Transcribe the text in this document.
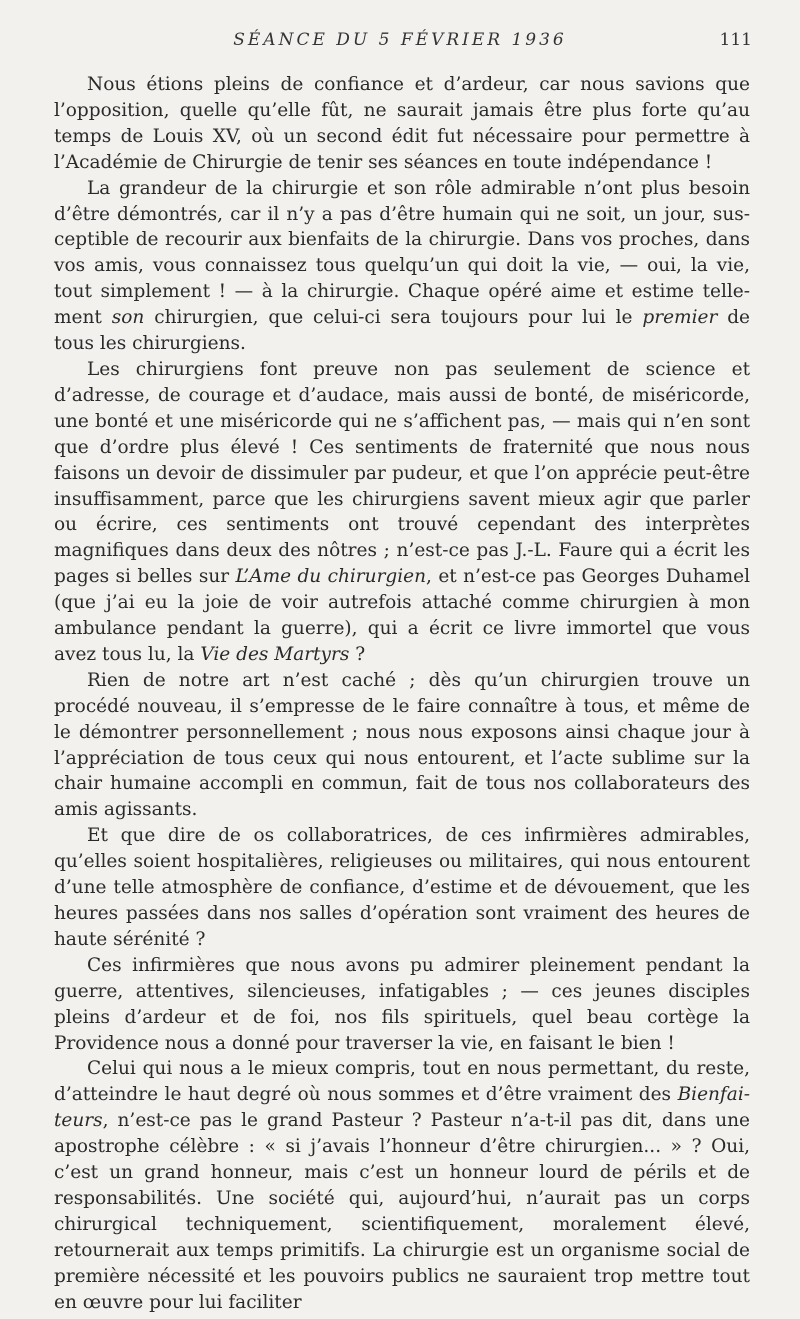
SÉANCE DU 5 FÉVRIER 1936	111

Nous étions pleins de confiance et d’ardeur, car nous savions que l’opposition, quelle qu’elle fût, ne saurait jamais être plus forte qu’au temps de Louis XV, où un second édit fut nécessaire pour permettre à l’Académie de Chirurgie de tenir ses séances en toute indépendance !

La grandeur de la chirurgie et son rôle admirable n’ont plus besoin d’être démontrés, car il n’y a pas d’être humain qui ne soit, un jour, susceptible de recourir aux bienfaits de la chirurgie. Dans vos proches, dans vos amis, vous connaissez tous quelqu’un qui doit la vie, — oui, la vie, tout simplement ! — à la chirurgie. Chaque opéré aime et estime tellement son chirurgien, que celui-ci sera toujours pour lui le premier de tous les chirurgiens.

Les chirurgiens font preuve non pas seulement de science et d’adresse, de courage et d’audace, mais aussi de bonté, de miséricorde, une bonté et une miséricorde qui ne s’affichent pas, — mais qui n’en sont que d’ordre plus élevé ! Ces sentiments de fraternité que nous nous faisons un devoir de dissimuler par pudeur, et que l’on apprécie peut-être insuffisamment, parce que les chirurgiens savent mieux agir que parler ou écrire, ces sentiments ont trouvé cependant des interprètes magnifiques dans deux des nôtres ; n’est-ce pas J.-L. Faure qui a écrit les pages si belles sur L’Ame du chirurgien, et n’est-ce pas Georges Duhamel (que j’ai eu la joie de voir autrefois attaché comme chirurgien à mon ambulance pendant la guerre), qui a écrit ce livre immortel que vous avez tous lu, la Vie des Martyrs ?

Rien de notre art n’est caché ; dès qu’un chirurgien trouve un procédé nouveau, il s’empresse de le faire connaître à tous, et même de le démontrer personnellement ; nous nous exposons ainsi chaque jour à l’appréciation de tous ceux qui nous entourent, et l’acte sublime sur la chair humaine accompli en commun, fait de tous nos collaborateurs des amis agissants.

Et que dire de os collaboratrices, de ces infirmières admirables, qu’elles soient hospitalières, religieuses ou militaires, qui nous entourent d’une telle atmosphère de confiance, d’estime et de dévouement, que les heures passées dans nos salles d’opération sont vraiment des heures de haute sérénité ?

Ces infirmières que nous avons pu admirer pleinement pendant la guerre, attentives, silencieuses, infatigables ; — ces jeunes disciples pleins d’ardeur et de foi, nos fils spirituels, quel beau cortège la Providence nous a donné pour traverser la vie, en faisant le bien !

Celui qui nous a le mieux compris, tout en nous permettant, du reste, d’atteindre le haut degré où nous sommes et d’être vraiment des Bienfaiteurs, n’est-ce pas le grand Pasteur ? Pasteur n’a-t-il pas dit, dans une apostrophe célèbre : « si j’avais l’honneur d’être chirurgien... » ? Oui, c’est un grand honneur, mais c’est un honneur lourd de périls et de responsabilités. Une société qui, aujourd’hui, n’aurait pas un corps chirurgical techniquement, scientifiquement, moralement élevé, retournerait aux temps primitifs. La chirurgie est un organisme social de première nécessité et les pouvoirs publics ne sauraient trop mettre tout en œuvre pour lui faciliter
